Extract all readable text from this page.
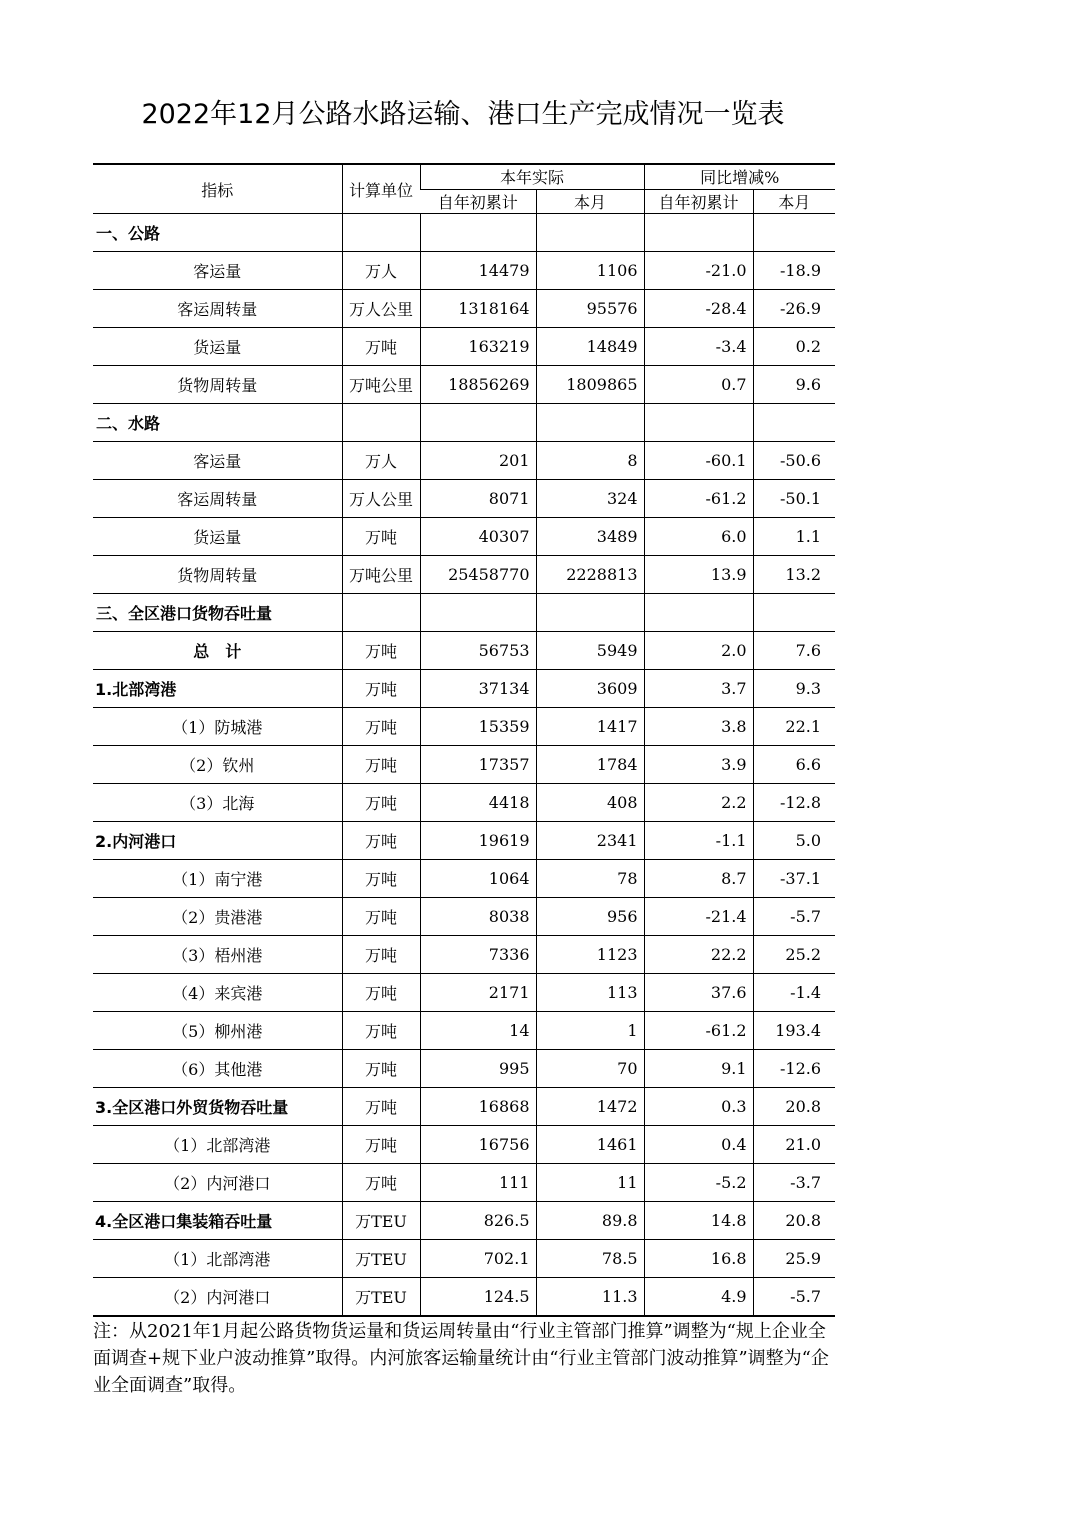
2022年12月公路水路运输、港口生产完成情况一览表
指标	计算单位	本年实际		同比增减%	
		自年初累计	本月	自年初累计	本月
一、公路					
客运量	万人	14479	1106	-21.0	-18.9
客运周转量	万人公里	1318164	95576	-28.4	-26.9
货运量	万吨	163219	14849	-3.4	0.2
货物周转量	万吨公里	18856269	1809865	0.7	9.6
二、水路					
客运量	万人	201	8	-60.1	-50.6
客运周转量	万人公里	8071	324	-61.2	-50.1
货运量	万吨	40307	3489	6.0	1.1
货物周转量	万吨公里	25458770	2228813	13.9	13.2
三、全区港口货物吞吐量					
总　计	万吨	56753	5949	2.0	7.6
1.北部湾港	万吨	37134	3609	3.7	9.3
（1）防城港	万吨	15359	1417	3.8	22.1
（2）钦州	万吨	17357	1784	3.9	6.6
（3）北海	万吨	4418	408	2.2	-12.8
2.内河港口	万吨	19619	2341	-1.1	5.0
（1）南宁港	万吨	1064	78	8.7	-37.1
（2）贵港港	万吨	8038	956	-21.4	-5.7
（3）梧州港	万吨	7336	1123	22.2	25.2
（4）来宾港	万吨	2171	113	37.6	-1.4
（5）柳州港	万吨	14	1	-61.2	193.4
（6）其他港	万吨	995	70	9.1	-12.6
3.全区港口外贸货物吞吐量	万吨	16868	1472	0.3	20.8
（1）北部湾港	万吨	16756	1461	0.4	21.0
（2）内河港口	万吨	111	11	-5.2	-3.7
4.全区港口集装箱吞吐量	万TEU	826.5	89.8	14.8	20.8
（1）北部湾港	万TEU	702.1	78.5	16.8	25.9
（2）内河港口	万TEU	124.5	11.3	4.9	-5.7
注：从2021年1月起公路货物货运量和货运周转量由“行业主管部门推算”调整为“规上企业全面调查+规下业户波动推算”取得。内河旅客运输量统计由“行业主管部门波动推算”调整为“企业全面调查”取得。
